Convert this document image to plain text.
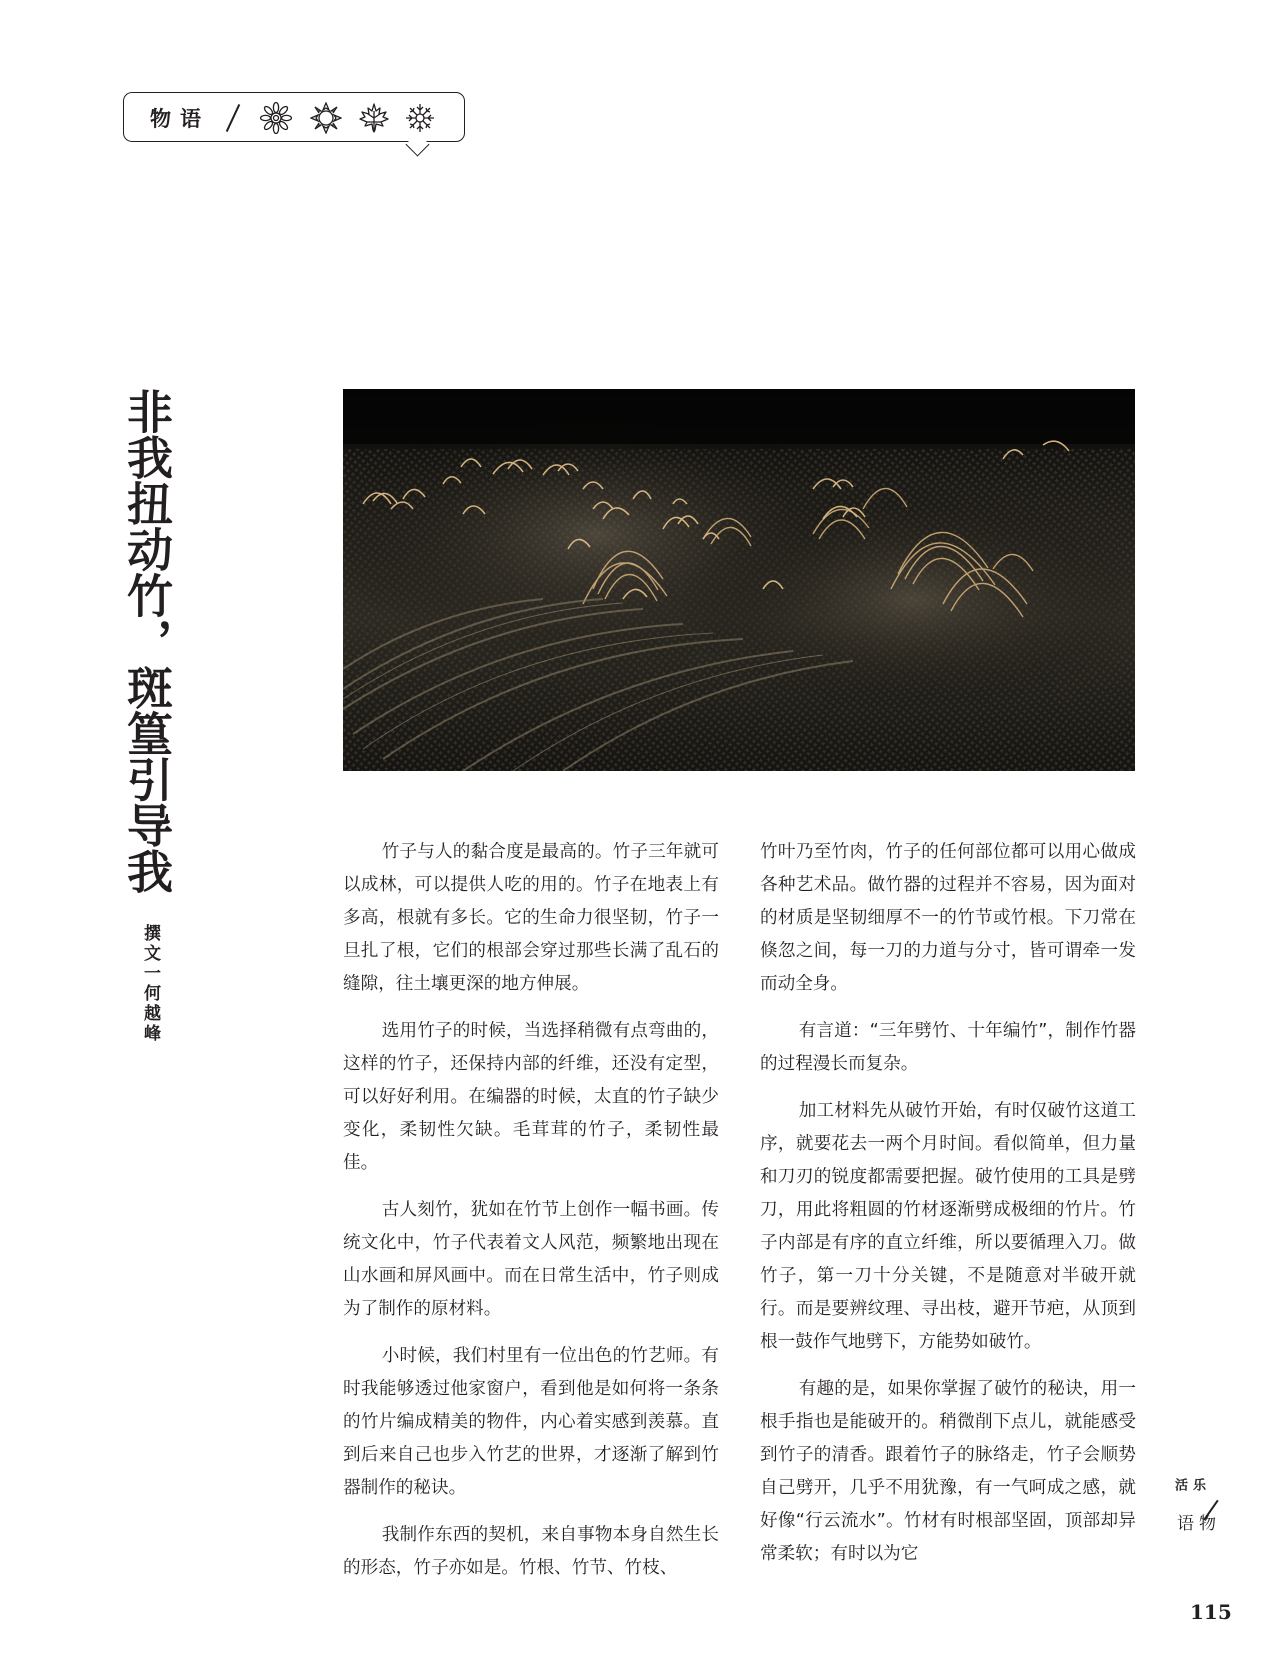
物语
非我扭动竹，斑篁引导我
撰文一何越峰

竹子与人的黏合度是最高的。竹子三年就可以成林，可以提供人吃的用的。竹子在地表上有多高，根就有多长。它的生命力很坚韧，竹子一旦扎了根，它们的根部会穿过那些长满了乱石的缝隙，往土壤更深的地方伸展。

选用竹子的时候，当选择稍微有点弯曲的，这样的竹子，还保持内部的纤维，还没有定型，可以好好利用。在编器的时候，太直的竹子缺少变化，柔韧性欠缺。毛茸茸的竹子，柔韧性最佳。

古人刻竹，犹如在竹节上创作一幅书画。传统文化中，竹子代表着文人风范，频繁地出现在山水画和屏风画中。而在日常生活中，竹子则成为了制作的原材料。

小时候，我们村里有一位出色的竹艺师。有时我能够透过他家窗户，看到他是如何将一条条的竹片编成精美的物件，内心着实感到羡慕。直到后来自己也步入竹艺的世界，才逐渐了解到竹器制作的秘诀。

我制作东西的契机，来自事物本身自然生长的形态，竹子亦如是。竹根、竹节、竹枝、

竹叶乃至竹肉，竹子的任何部位都可以用心做成各种艺术品。做竹器的过程并不容易，因为面对的材质是坚韧细厚不一的竹节或竹根。下刀常在倏忽之间，每一刀的力道与分寸，皆可谓牵一发而动全身。

有言道：“三年劈竹、十年编竹”，制作竹器的过程漫长而复杂。

加工材料先从破竹开始，有时仅破竹这道工序，就要花去一两个月时间。看似简单，但力量和刀刃的锐度都需要把握。破竹使用的工具是劈刀，用此将粗圆的竹材逐渐劈成极细的竹片。竹子内部是有序的直立纤维，所以要循理入刀。做竹子，第一刀十分关键，不是随意对半破开就行。而是要辨纹理、寻出枝，避开节疤，从顶到根一鼓作气地劈下，方能势如破竹。

有趣的是，如果你掌握了破竹的秘诀，用一根手指也是能破开的。稍微削下点儿，就能感受到竹子的清香。跟着竹子的脉络走，竹子会顺势自己劈开，几乎不用犹豫，有一气呵成之感，就好像“行云流水”。竹材有时根部坚固，顶部却异常柔软；有时以为它

乐活
物语
115
